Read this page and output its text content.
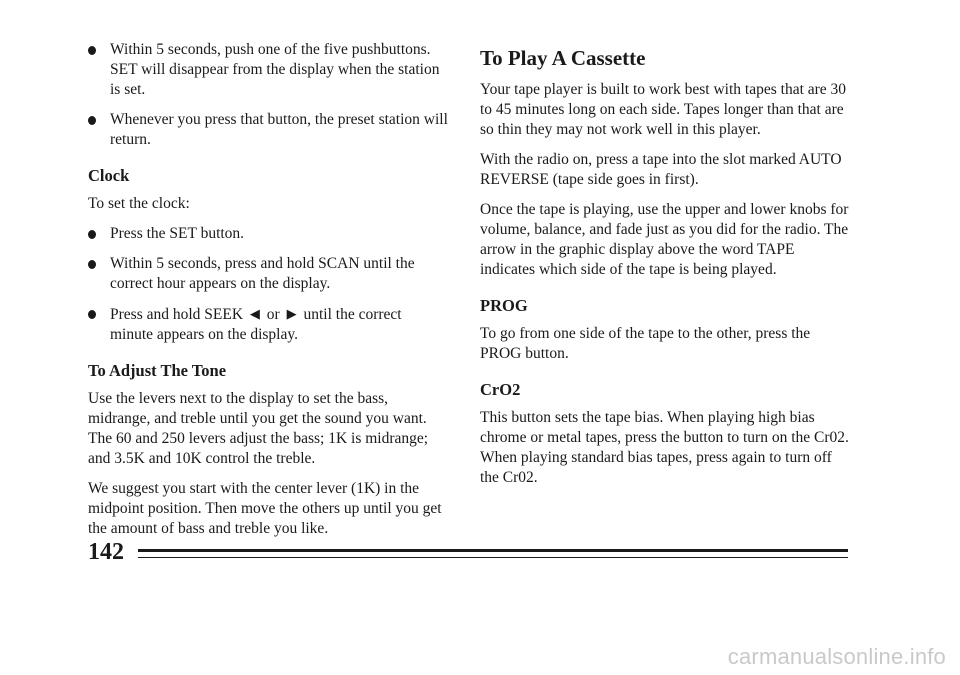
Within 5 seconds, push one of the five pushbuttons. SET will disappear from the display when the station is set.
Whenever you press that button, the preset station will return.
Clock

To set the clock:

Press the SET button.
Within 5 seconds, press and hold SCAN until the correct hour appears on the display.
Press and hold SEEK ◀ or ▶ until the correct minute appears on the display.
To Adjust The Tone

Use the levers next to the display to set the bass, midrange, and treble until you get the sound you want. The 60 and 250 levers adjust the bass; 1K is midrange; and 3.5K and 10K control the treble.

We suggest you start with the center lever (1K) in the midpoint position. Then move the others up until you get the amount of bass and treble you like.

To Play A Cassette

Your tape player is built to work best with tapes that are 30 to 45 minutes long on each side. Tapes longer than that are so thin they may not work well in this player.

With the radio on, press a tape into the slot marked AUTO REVERSE (tape side goes in first).

Once the tape is playing, use the upper and lower knobs for volume, balance, and fade just as you did for the radio. The arrow in the graphic display above the word TAPE indicates which side of the tape is being played.

PROG

To go from one side of the tape to the other, press the PROG button.

CrO2

This button sets the tape bias. When playing high bias chrome or metal tapes, press the button to turn on the Cr02. When playing standard bias tapes, press again to turn off the Cr02.

142
carmanualsonline.info
